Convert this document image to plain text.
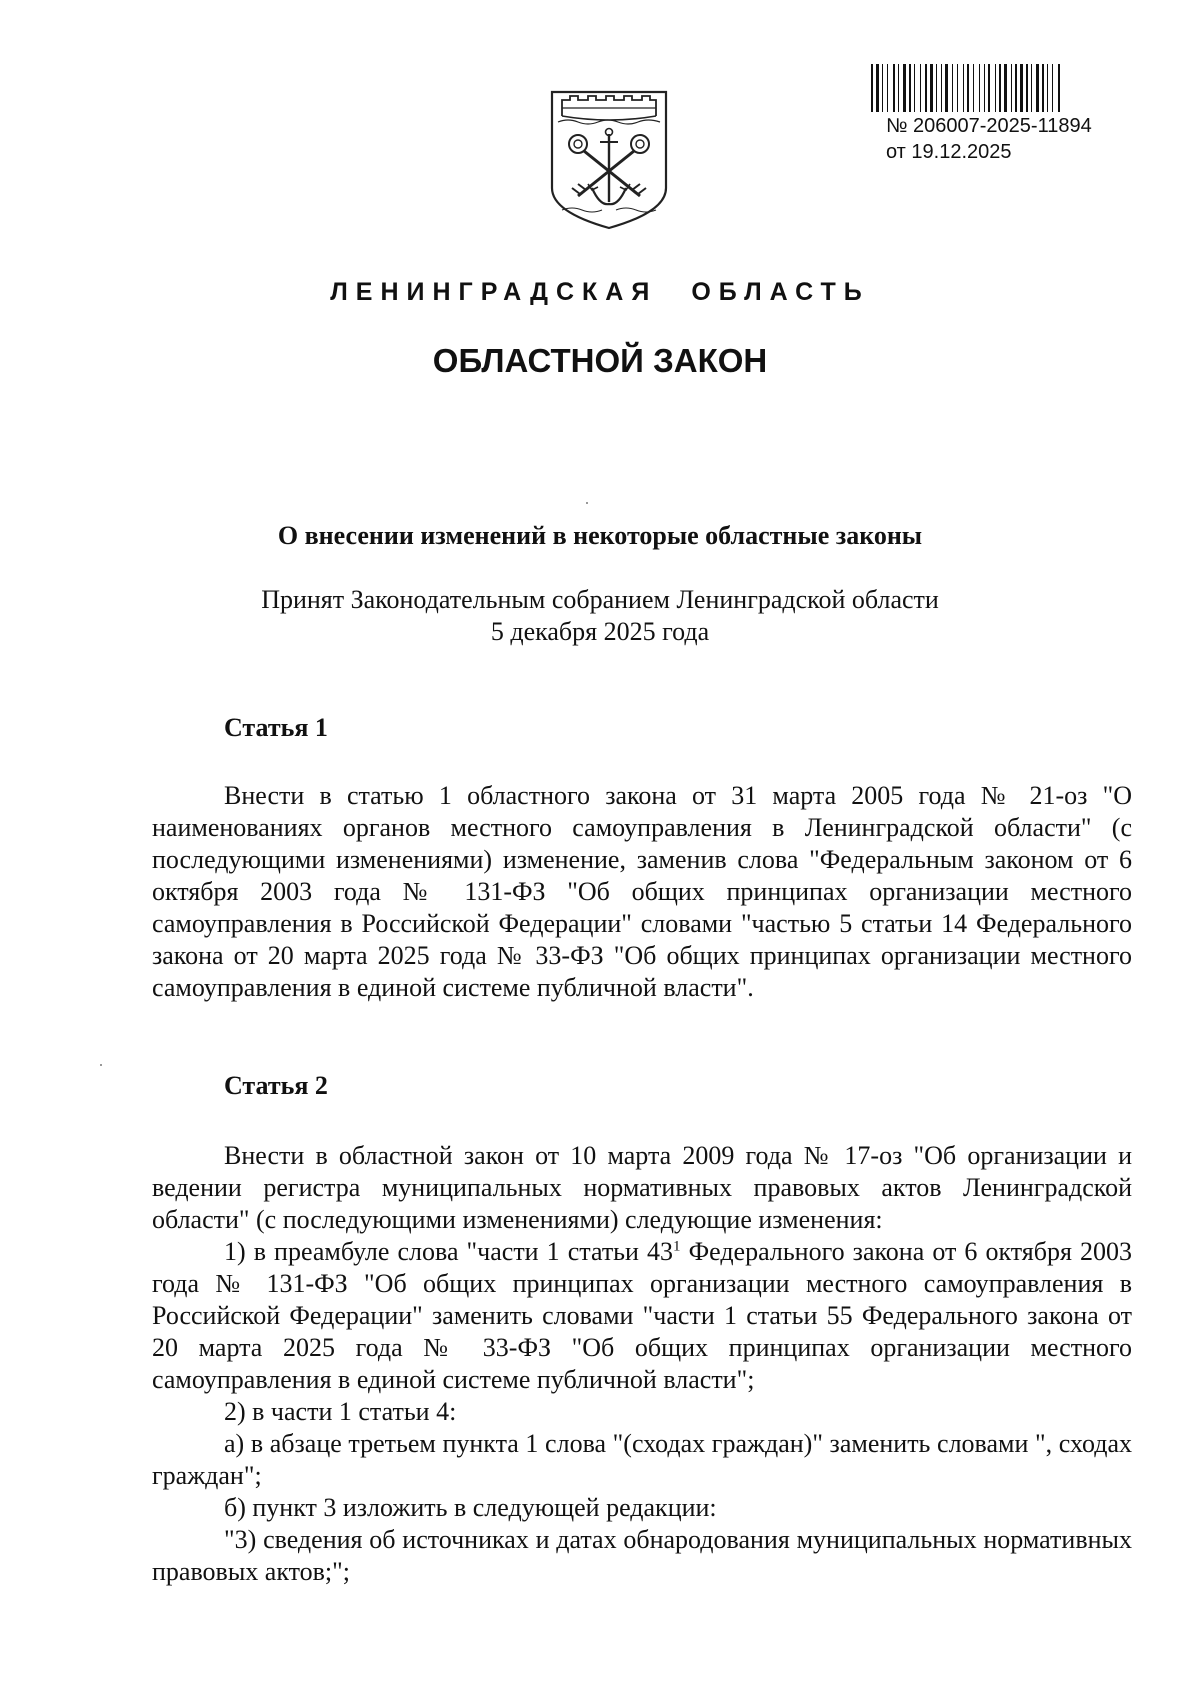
№ 206007-2025-11894
от 19.12.2025
ЛЕНИНГРАДСКАЯ ОБЛАСТЬ
ОБЛАСТНОЙ ЗАКОН
О внесении изменений в некоторые областные законы
Принят Законодательным собранием Ленинградской области
5 декабря 2025 года
Статья 1

Внести в статью 1 областного закона от 31 марта 2005 года № 21-оз "О наименованиях органов местного самоуправления в Ленинградской области" (с последующими изменениями) изменение, заменив слова "Федеральным законом от 6 октября 2003 года № 131-ФЗ "Об общих принципах организации местного самоуправления в Российской Федерации" словами "частью 5 статьи 14 Федерального закона от 20 марта 2025 года № 33-ФЗ "Об общих принципах организации местного самоуправления в единой системе публичной власти".

Статья 2

Внести в областной закон от 10 марта 2009 года № 17-оз "Об организации и ведении регистра муниципальных нормативных правовых актов Ленинградской области" (с последующими изменениями) следующие изменения:

1) в преамбуле слова "части 1 статьи $43^1$ Федерального закона от 6 октября 2003 года № 131-ФЗ "Об общих принципах организации местного самоуправления в Российской Федерации" заменить словами "части 1 статьи 55 Федерального закона от 20 марта 2025 года № 33-ФЗ "Об общих принципах организации местного самоуправления в единой системе публичной власти";

2) в части 1 статьи 4:

а) в абзаце третьем пункта 1 слова "(сходах граждан)" заменить словами ", сходах граждан";

б) пункт 3 изложить в следующей редакции:

"3) сведения об источниках и датах обнародования муниципальных нормативных правовых актов;";
